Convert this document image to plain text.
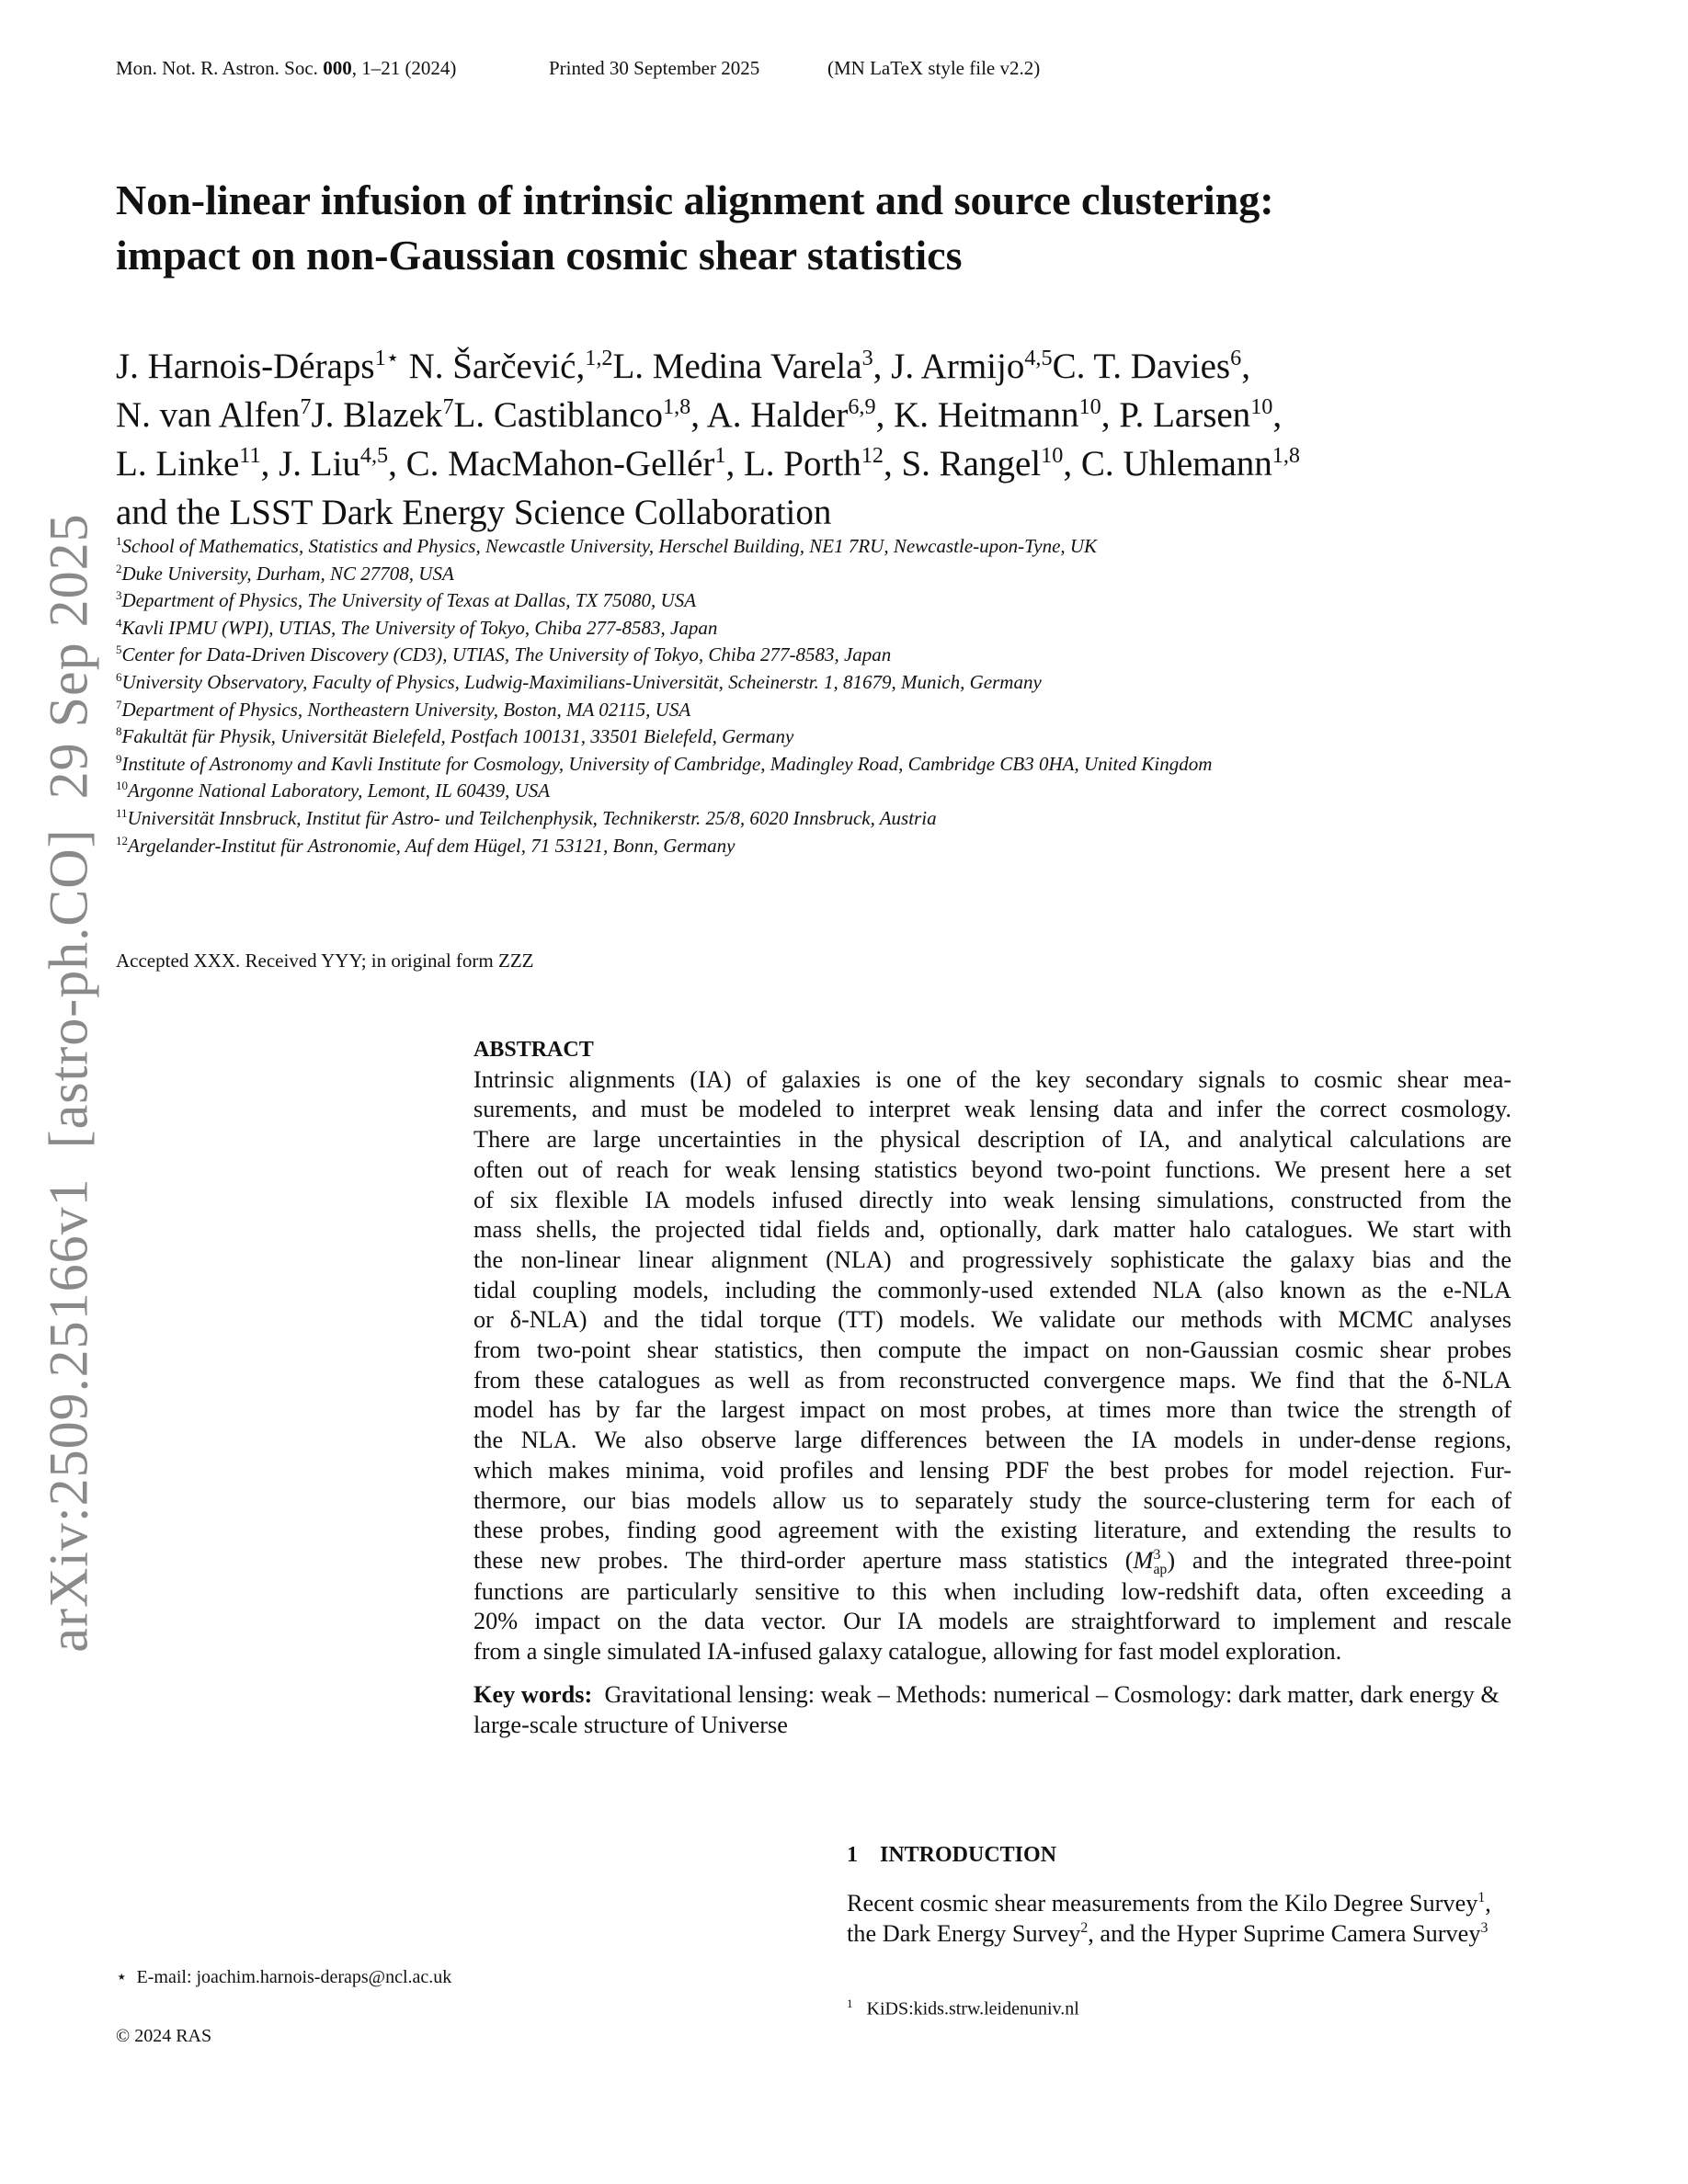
Mon. Not. R. Astron. Soc. 000, 1–21 (2024)	Printed 30 September 2025	(MN LaTeX style file v2.2)
Non-linear infusion of intrinsic alignment and source clustering:
impact on non-Gaussian cosmic shear statistics
J. Harnois-Déraps$^{1⋆}$ N. Šarčević,$^{1,2}$L. Medina Varela$^3$, J. Armijo$^{4,5}$C. T. Davies$^6$,
N. van Alfen$^7$J. Blazek$^7$L. Castiblanco$^{1,8}$, A. Halder$^{6,9}$, K. Heitmann$^{10}$, P. Larsen$^{10}$,
L. Linke$^{11}$, J. Liu$^{4,5}$, C. MacMahon-Gellér$^1$, L. Porth$^{12}$, S. Rangel$^{10}$, C. Uhlemann$^{1,8}$
and the LSST Dark Energy Science Collaboration
$^1$School of Mathematics, Statistics and Physics, Newcastle University, Herschel Building, NE1 7RU, Newcastle-upon-Tyne, UK
$^2$Duke University, Durham, NC 27708, USA
$^3$Department of Physics, The University of Texas at Dallas, TX 75080, USA
$^4$Kavli IPMU (WPI), UTIAS, The University of Tokyo, Chiba 277-8583, Japan
$^5$Center for Data-Driven Discovery (CD3), UTIAS, The University of Tokyo, Chiba 277-8583, Japan
$^6$University Observatory, Faculty of Physics, Ludwig-Maximilians-Universität, Scheinerstr. 1, 81679, Munich, Germany
$^7$Department of Physics, Northeastern University, Boston, MA 02115, USA
$^8$Fakultät für Physik, Universität Bielefeld, Postfach 100131, 33501 Bielefeld, Germany
$^9$Institute of Astronomy and Kavli Institute for Cosmology, University of Cambridge, Madingley Road, Cambridge CB3 0HA, United Kingdom
$^{10}$Argonne National Laboratory, Lemont, IL 60439, USA
$^{11}$Universität Innsbruck, Institut für Astro- und Teilchenphysik, Technikerstr. 25/8, 6020 Innsbruck, Austria
$^{12}$Argelander-Institut für Astronomie, Auf dem Hügel, 71 53121, Bonn, Germany
Accepted XXX. Received YYY; in original form ZZZ
ABSTRACT
Intrinsic alignments (IA) of galaxies is one of the key secondary signals to cosmic shear mea-
surements, and must be modeled to interpret weak lensing data and infer the correct cosmology.
There are large uncertainties in the physical description of IA, and analytical calculations are
often out of reach for weak lensing statistics beyond two-point functions. We present here a set
of six flexible IA models infused directly into weak lensing simulations, constructed from the
mass shells, the projected tidal fields and, optionally, dark matter halo catalogues. We start with
the non-linear linear alignment (NLA) and progressively sophisticate the galaxy bias and the
tidal coupling models, including the commonly-used extended NLA (also known as the e-NLA
or δ-NLA) and the tidal torque (TT) models. We validate our methods with MCMC analyses
from two-point shear statistics, then compute the impact on non-Gaussian cosmic shear probes
from these catalogues as well as from reconstructed convergence maps. We find that the δ-NLA
model has by far the largest impact on most probes, at times more than twice the strength of
the NLA. We also observe large differences between the IA models in under-dense regions,
which makes minima, void profiles and lensing PDF the best probes for model rejection. Fur-
thermore, our bias models allow us to separately study the source-clustering term for each of
these probes, finding good agreement with the existing literature, and extending the results to
these new probes. The third-order aperture mass statistics (M 3
ap ) and the integrated three-point
functions are particularly sensitive to this when including low-redshift data, often exceeding a
20% impact on the data vector. Our IA models are straightforward to implement and rescale
from a single simulated IA-infused galaxy catalogue, allowing for fast model exploration.
Key words: Gravitational lensing: weak – Methods: numerical – Cosmology: dark matter, dark energy & large-scale structure of Universe
1    INTRODUCTION
Recent cosmic shear measurements from the Kilo Degree Survey$^1$,
the Dark Energy Survey$^2$, and the Hyper Suprime Camera Survey$^3$
⋆  E-mail: joachim.harnois-deraps@ncl.ac.uk
© 2024 RAS
$^1$ KiDS:kids.strw.leidenuniv.nl
arXiv:2509.25166v1  [astro-ph.CO]  29 Sep 2025
